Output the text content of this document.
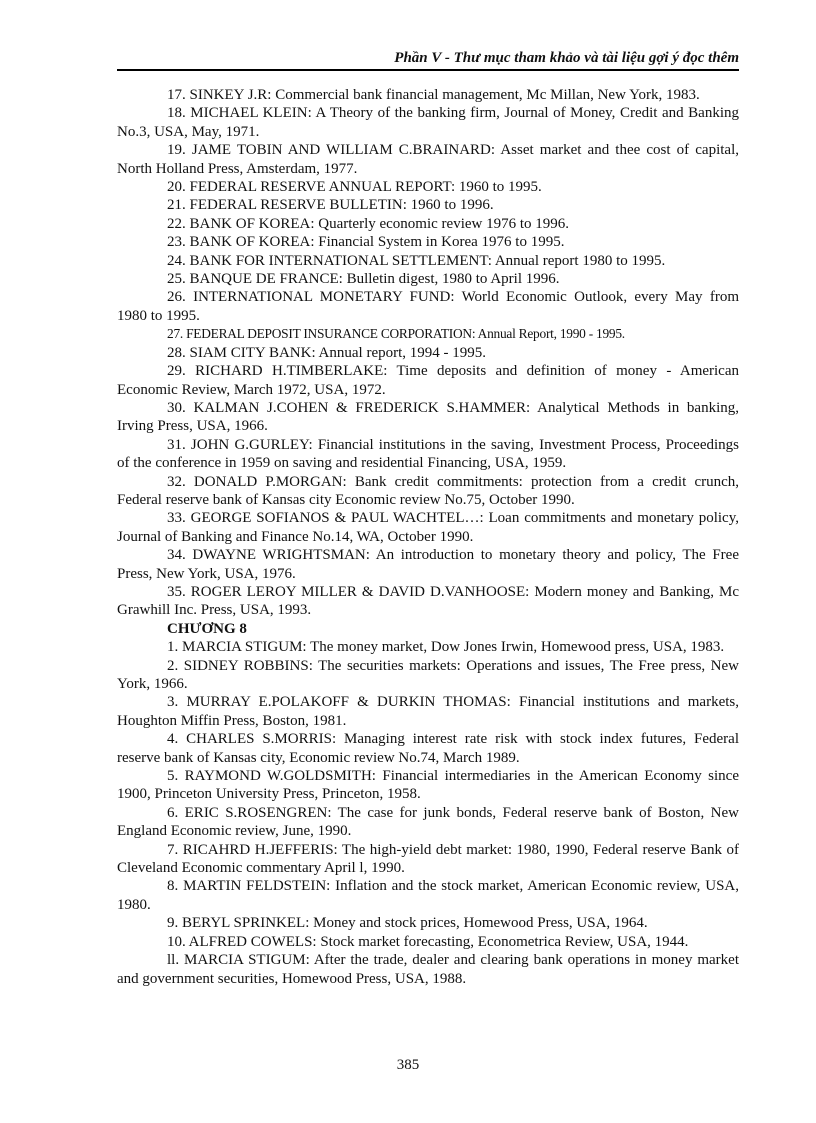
Phần V - Thư mục tham khảo và tài liệu gợi ý đọc thêm

17. SINKEY J.R: Commercial bank financial management, Mc Millan, New York, 1983.

18. MICHAEL KLEIN: A Theory of the banking firm, Journal of Money, Credit and Banking No.3, USA, May, 1971.

19. JAME TOBIN AND WILLIAM C.BRAINARD: Asset market and thee cost of capital, North Holland Press, Amsterdam, 1977.

20. FEDERAL RESERVE ANNUAL REPORT: 1960 to 1995.

21. FEDERAL RESERVE BULLETIN: 1960 to 1996.

22. BANK OF KOREA: Quarterly economic review 1976 to 1996.

23. BANK OF KOREA: Financial System in Korea 1976 to 1995.

24. BANK FOR INTERNATIONAL SETTLEMENT: Annual report 1980 to 1995.

25. BANQUE DE FRANCE: Bulletin digest, 1980 to April 1996.

26. INTERNATIONAL MONETARY FUND: World Economic Outlook, every May from 1980 to 1995.

27. FEDERAL DEPOSIT INSURANCE CORPORATION: Annual Report, 1990 - 1995.

28. SIAM CITY BANK: Annual report, 1994 - 1995.

29. RICHARD H.TIMBERLAKE: Time deposits and definition of money - American Economic Review, March 1972, USA, 1972.

30. KALMAN J.COHEN & FREDERICK S.HAMMER: Analytical Methods in banking, Irving Press, USA, 1966.

31. JOHN G.GURLEY: Financial institutions in the saving, Investment Process, Proceedings of the conference in 1959 on saving and residential Financing, USA, 1959.

32. DONALD P.MORGAN: Bank credit commitments: protection from a credit crunch, Federal reserve bank of Kansas city Economic review No.75, October 1990.

33. GEORGE SOFIANOS & PAUL WACHTEL…: Loan commitments and monetary policy, Journal of Banking and Finance No.14, WA, October 1990.

34. DWAYNE WRIGHTSMAN: An introduction to monetary theory and policy, The Free Press, New York, USA, 1976.

35. ROGER LEROY MILLER & DAVID D.VANHOOSE: Modern money and Banking, Mc Grawhill Inc. Press, USA, 1993.

CHƯƠNG 8

1. MARCIA STIGUM: The money market, Dow Jones Irwin, Homewood press, USA, 1983.

2. SIDNEY ROBBINS: The securities markets: Operations and issues, The Free press, New York, 1966.

3. MURRAY E.POLAKOFF & DURKIN THOMAS: Financial institutions and markets, Houghton Miffin Press, Boston, 1981.

4. CHARLES S.MORRIS: Managing interest rate risk with stock index futures, Federal reserve bank of Kansas city, Economic review No.74, March 1989.

5. RAYMOND W.GOLDSMITH: Financial intermediaries in the American Economy since 1900, Princeton University Press, Princeton, 1958.

6. ERIC S.ROSENGREN: The case for junk bonds, Federal reserve bank of Boston, New England Economic review, June, 1990.

7. RICAHRD H.JEFFERIS: The high-yield debt market: 1980, 1990, Federal reserve Bank of Cleveland Economic commentary April l, 1990.

8. MARTIN FELDSTEIN: Inflation and the stock market, American Economic review, USA, 1980.

9. BERYL SPRINKEL: Money and stock prices, Homewood Press, USA, 1964.

10. ALFRED COWELS: Stock market forecasting, Econometrica Review, USA, 1944.

ll. MARCIA STIGUM: After the trade, dealer and clearing bank operations in money market and government securities, Homewood Press, USA, 1988.

385
